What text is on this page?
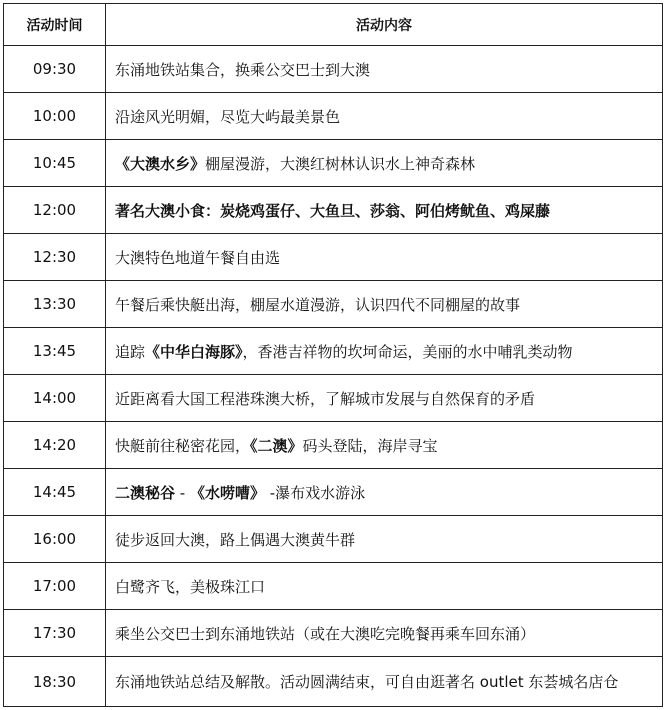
活动时间	活动内容
09:30	东涌地铁站集合，换乘公交巴士到大澳
10:00	沿途风光明媚，尽览大屿最美景色
10:45	《大澳水乡》棚屋漫游，大澳红树林认识水上神奇森林
12:00	著名大澳小食：炭烧鸡蛋仔、大鱼旦、莎翁、阿伯烤鱿鱼、鸡屎藤
12:30	大澳特色地道午餐自由选
13:30	午餐后乘快艇出海，棚屋水道漫游，认识四代不同棚屋的故事
13:45	追踪《中华白海豚》，香港吉祥物的坎坷命运，美丽的水中哺乳类动物
14:00	近距离看大国工程港珠澳大桥，了解城市发展与自然保育的矛盾
14:20	快艇前往秘密花园，《二澳》码头登陆，海岸寻宝
14:45	二澳秘谷 - 《水唠嘈》 -瀑布戏水游泳
16:00	徒步返回大澳，路上偶遇大澳黄牛群
17:00	白鹭齐飞，美极珠江口
17:30	乘坐公交巴士到东涌地铁站（或在大澳吃完晚餐再乘车回东涌）
18:30	东涌地铁站总结及解散。活动圆满结束，可自由逛著名 outlet 东荟城名店仓
